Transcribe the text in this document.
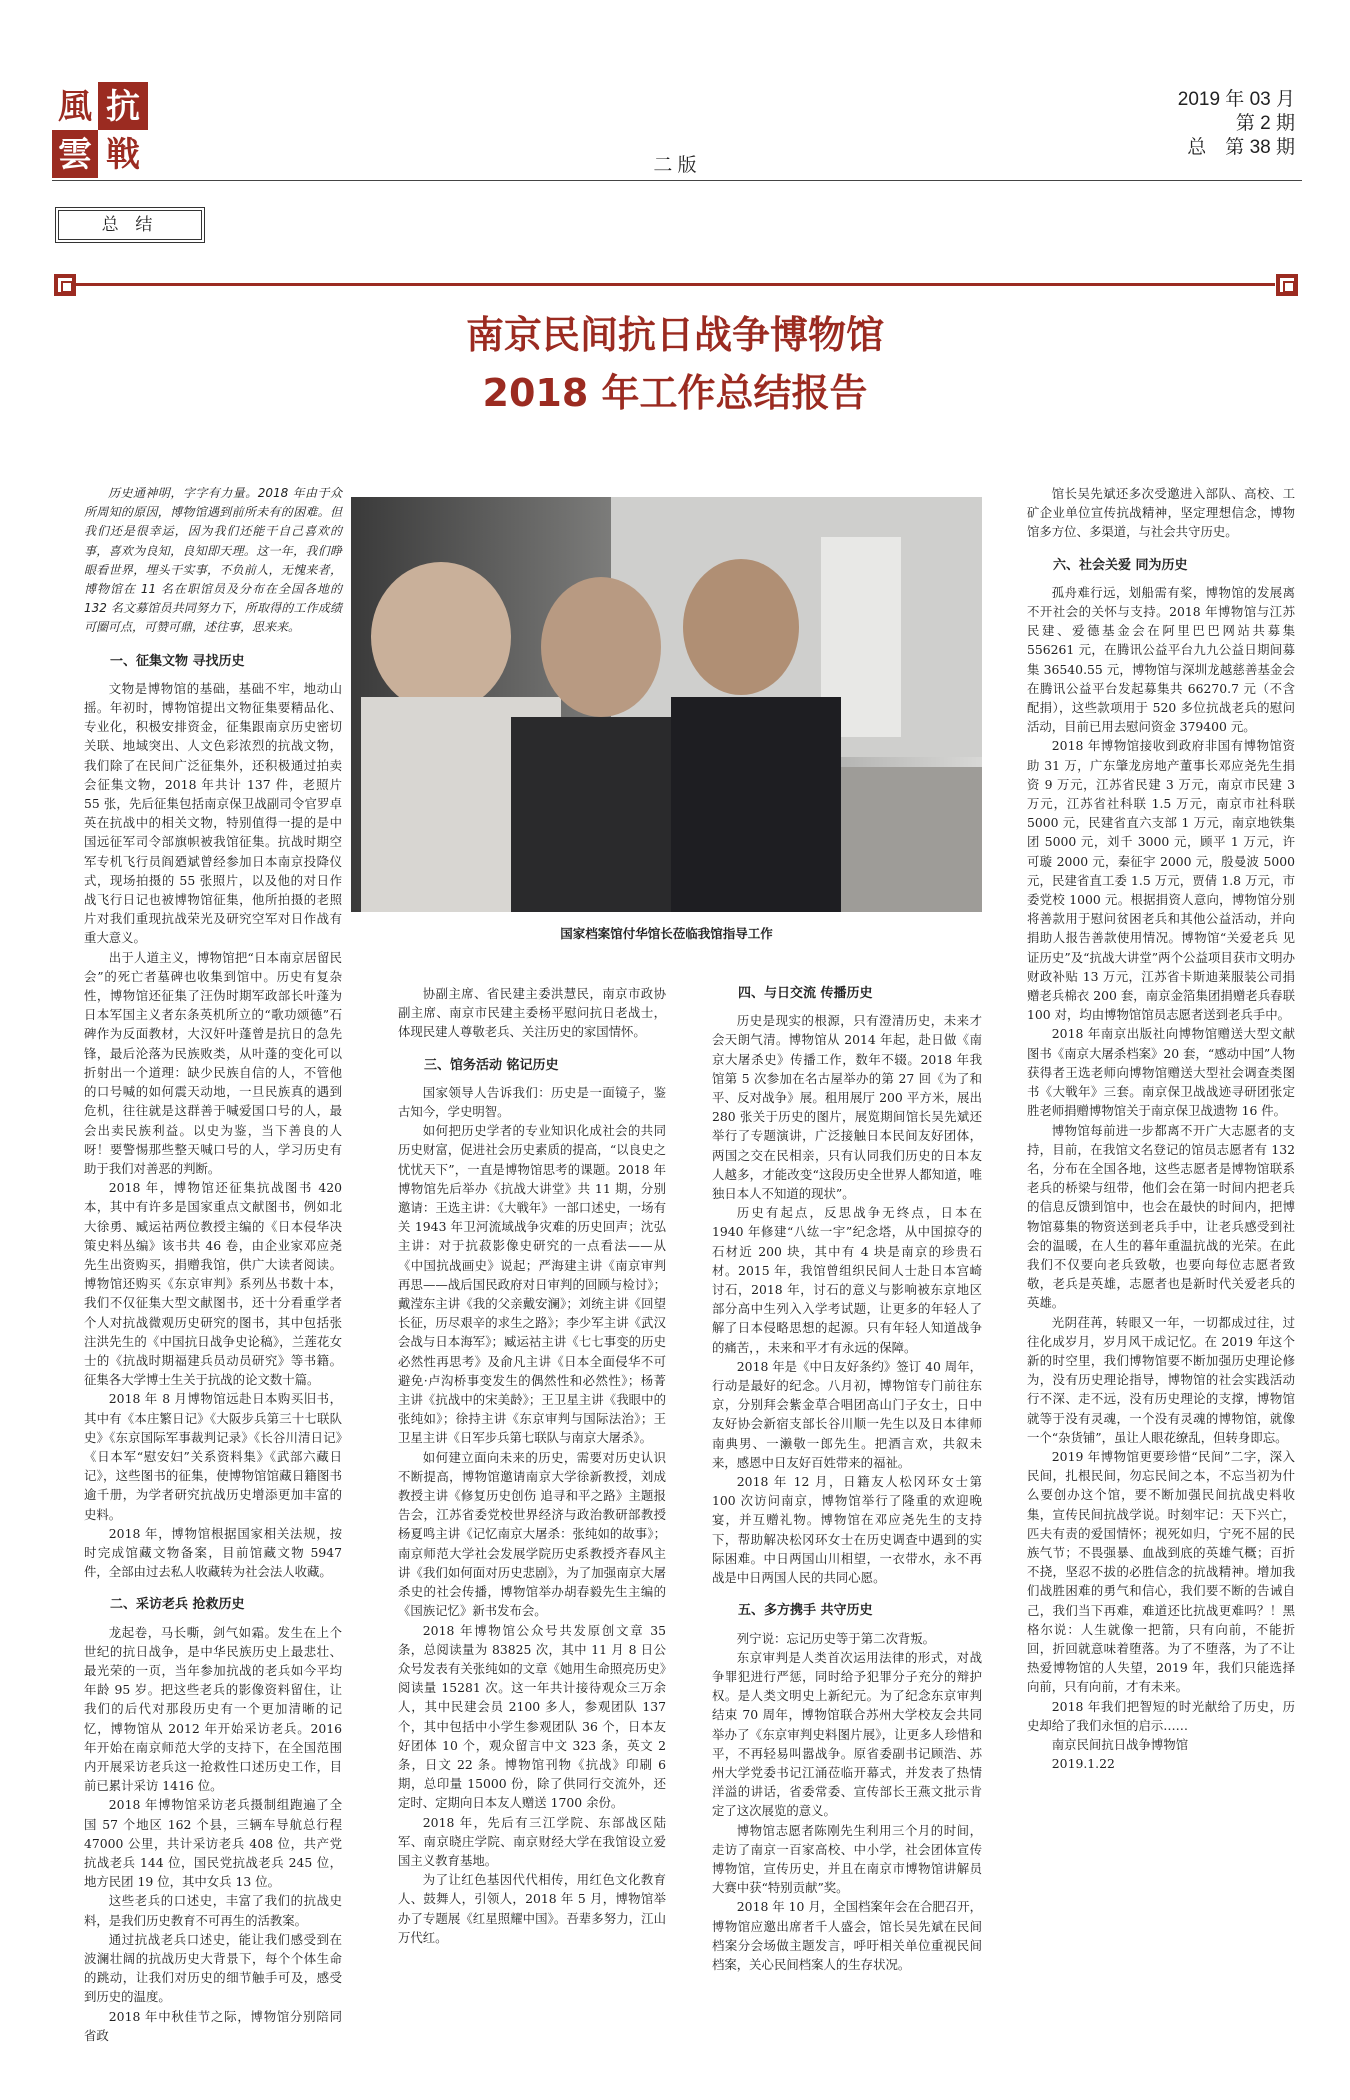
風 抗
雲 戦
2019 年 03 月
第 2 期
总　第 38 期
二 版
总 结
南京民间抗日战争博物馆
2018 年工作总结报告

历史通神明，字字有力量。2018 年由于众所周知的原因，博物馆遇到前所未有的困难。但我们还是很幸运，因为我们还能干自己喜欢的事，喜欢为良知，良知即天理。这一年，我们睁眼看世界，埋头干实事，不负前人，无愧来者，博物馆在 11 名在职馆员及分布在全国各地的 132 名文募馆员共同努力下，所取得的工作成绩可圈可点，可赞可鼎，述往事，思来来。

一、征集文物 寻找历史

文物是博物馆的基础，基础不牢，地动山摇。年初时，博物馆提出文物征集要精品化、专业化，积极安排资金，征集跟南京历史密切关联、地域突出、人文色彩浓烈的抗战文物，我们除了在民间广泛征集外，还积极通过拍卖会征集文物，2018 年共计 137 件，老照片 55 张，先后征集包括南京保卫战副司令官罗卓英在抗战中的相关文物，特别值得一提的是中国远征军司令部旗帜被我馆征集。抗战时期空军专机飞行员阎廼斌曾经参加日本南京投降仪式，现场拍摄的 55 张照片，以及他的对日作战飞行日记也被博物馆征集，他所拍摄的老照片对我们重现抗战荣光及研究空军对日作战有重大意义。

出于人道主义，博物馆把“日本南京居留民会”的死亡者墓碑也收集到馆中。历史有复杂性，博物馆还征集了汪伪时期军政部长叶蓬为日本军国主义者东条英机所立的“歌功颂德”石碑作为反面教材，大汉奸叶蓬曾是抗日的急先锋，最后沦落为民族败类，从叶蓬的变化可以折射出一个道理：缺少民族自信的人，不管他的口号喊的如何震天动地，一旦民族真的遇到危机，往往就是这群善于喊爱国口号的人，最会出卖民族利益。以史为鉴，当下善良的人呀！要警惕那些整天喊口号的人，学习历史有助于我们对善恶的判断。

2018 年，博物馆还征集抗战图书 420 本，其中有许多是国家重点文献图书，例如北大徐勇、臧运祜两位教授主编的《日本侵华决策史料丛编》该书共 46 卷，由企业家邓应尧先生出资购买，捐赠我馆，供广大读者阅读。博物馆还购买《东京审判》系列丛书数十本，我们不仅征集大型文献图书，还十分看重学者个人对抗战微观历史研究的图书，其中包括张注洪先生的《中国抗日战争史论稿》，兰莲花女士的《抗战时期福建兵员动员研究》等书籍。征集各大学博士生关于抗战的论文数十篇。

2018 年 8 月博物馆远赴日本购买旧书，其中有《本庄繁日记》《大阪步兵第三十七联队史》《东京国际军事裁判记录》《长谷川清日记》《日本军“慰安妇”关系资料集》《武部六藏日记》，这些图书的征集，使博物馆馆藏日籍图书逾千册，为学者研究抗战历史增添更加丰富的史料。

2018 年，博物馆根据国家相关法规，按时完成馆藏文物备案，目前馆藏文物 5947 件，全部由过去私人收藏转为社会法人收藏。

二、采访老兵 抢救历史

龙起卷，马长嘶，剑气如霜。发生在上个世纪的抗日战争，是中华民族历史上最悲壮、最光荣的一页，当年参加抗战的老兵如今平均年龄 95 岁。把这些老兵的影像资料留住，让我们的后代对那段历史有一个更加清晰的记忆，博物馆从 2012 年开始采访老兵。2016 年开始在南京师范大学的支持下，在全国范围内开展采访老兵这一抢救性口述历史工作，目前已累计采访 1416 位。

2018 年博物馆采访老兵摄制组跑遍了全国 57 个地区 162 个县，三辆车导航总行程 47000 公里，共计采访老兵 408 位，共产党抗战老兵 144 位，国民党抗战老兵 245 位，地方民团 19 位，其中女兵 13 位。

这些老兵的口述史，丰富了我们的抗战史料，是我们历史教育不可再生的活教案。

通过抗战老兵口述史，能让我们感受到在波澜壮阔的抗战历史大背景下，每个个体生命的跳动，让我们对历史的细节触手可及，感受到历史的温度。

2018 年中秋佳节之际，博物馆分别陪同省政

国家档案馆付华馆长莅临我馆指导工作

协副主席、省民建主委洪慧民，南京市政协副主席、南京市民建主委杨平慰问抗日老战士，体现民建人尊敬老兵、关注历史的家国情怀。

三、馆务活动 铭记历史

国家领导人告诉我们：历史是一面镜子，鉴古知今，学史明智。

如何把历史学者的专业知识化成社会的共同历史财富，促进社会历史素质的提高，“以良史之忧忧天下”，一直是博物馆思考的课题。2018 年博物馆先后举办《抗战大讲堂》共 11 期，分别邀请：王选主讲：《大戦年》一部口述史，一场有关 1943 年卫河流域战争灾难的历史回声；沈弘主讲：对于抗菽影像史研究的一点看法——从《中国抗战画史》说起；严海建主讲《南京审判再思——战后国民政府对日审判的回顾与检讨》；戴滢东主讲《我的父亲戴安澜》；刘统主讲《回望长征，历尽艰辛的求生之路》；李少军主讲《武汉会战与日本海军》；臧运祜主讲《七七事变的历史必然性再思考》及俞凡主讲《日本全面侵华不可避免·卢沟桥事变发生的偶然性和必然性》；杨菁主讲《抗战中的宋美龄》；王卫星主讲《我眼中的张纯如》；徐持主讲《东京审判与国际法治》；王卫星主讲《日军步兵第七联队与南京大屠杀》。

如何建立面向未来的历史，需要对历史认识不断提高，博物馆邀请南京大学徐新教授，刘成教授主讲《修复历史创伤 追寻和平之路》主题报告会，江苏省委党校世界经济与政治教研部教授杨夏鸣主讲《记忆南京大屠杀：张纯如的故事》；南京师范大学社会发展学院历史系教授齐春风主讲《我们如何面对历史悲剧》，为了加强南京大屠杀史的社会传播，博物馆举办胡春毅先生主编的《国族记忆》新书发布会。

2018 年博物馆公众号共发原创文章 35 条，总阅读量为 83825 次，其中 11 月 8 日公众号发表有关张纯如的文章《她用生命照亮历史》阅读量 15281 次。这一年共计接待观众三万余人，其中民建会员 2100 多人，参观团队 137 个，其中包括中小学生参观团队 36 个，日本友好团体 10 个，观众留言中文 323 条，英文 2 条，日文 22 条。博物馆刊物《抗战》印刷 6 期，总印量 15000 份，除了供同行交流外，还定时、定期向日本友人赠送 1700 余份。

2018 年，先后有三江学院、东部战区陆军、南京晓庄学院、南京财经大学在我馆设立爱国主义教育基地。

为了让红色基因代代相传，用红色文化教育人、鼓舞人，引领人，2018 年 5 月，博物馆举办了专题展《红星照耀中国》。吾辈多努力，江山万代红。

四、与日交流 传播历史

历史是现实的根源，只有澄清历史，未来才会天朗气清。博物馆从 2014 年起，赴日做《南京大屠杀史》传播工作，数年不辍。2018 年我馆第 5 次参加在名古屋举办的第 27 回《为了和平、反对战争》展。租用展厅 200 平方米，展出 280 张关于历史的图片，展览期间馆长吴先斌还举行了专题演讲，广泛接触日本民间友好团体，两国之交在民相亲，只有认同我们历史的日本友人越多，才能改变“这段历史全世界人都知道，唯独日本人不知道的现状”。

历史有起点，反思战争无终点，日本在 1940 年修建“八纮一宇”纪念塔，从中国掠夺的石材近 200 块，其中有 4 块是南京的珍贵石材。2015 年，我馆曾组织民间人士赴日本宫崎讨石，2018 年，讨石的意义与影响被东京地区部分高中生列入入学考试题，让更多的年轻人了解了日本侵略思想的起源。只有年轻人知道战争的痛苦，，未来和平才有永远的保障。

2018 年是《中日友好条约》签订 40 周年，行动是最好的纪念。八月初，博物馆专门前往东京，分别拜会紫金草合唱团高山门子女士，日中友好协会新宿支部长谷川顺一先生以及日本律师南典男、一濑敬一郎先生。把酒言欢，共叙未来，感恩中日友好百姓带来的福祉。

2018 年 12 月，日籍友人松冈环女士第 100 次访问南京，博物馆举行了隆重的欢迎晚宴，并互赠礼物。博物馆在邓应尧先生的支持下，帮助解决松冈环女士在历史调查中遇到的实际困难。中日两国山川相望，一衣带水，永不再战是中日两国人民的共同心愿。

五、多方携手 共守历史

列宁说：忘记历史等于第二次背叛。

东京审判是人类首次运用法律的形式，对战争罪犯进行严惩，同时给予犯罪分子充分的辩护权。是人类文明史上新纪元。为了纪念东京审判结束 70 周年，博物馆联合苏州大学校友会共同举办了《东京审判史料图片展》，让更多人珍惜和平，不再轻易叫嚣战争。原省委副书记顾浩、苏州大学党委书记江涌莅临开幕式，并发表了热情洋溢的讲话，省委常委、宣传部长王燕文批示肯定了这次展览的意义。

博物馆志愿者陈刚先生利用三个月的时间，走访了南京一百家高校、中小学，社会团体宣传博物馆，宣传历史，并且在南京市博物馆讲解员大赛中获“特别贡献”奖。

2018 年 10 月，全国档案年会在合肥召开，博物馆应邀出席者千人盛会，馆长吴先斌在民间档案分会场做主题发言，呼吁相关单位重视民间档案，关心民间档案人的生存状况。

馆长吴先斌还多次受邀进入部队、高校、工矿企业单位宣传抗战精神，坚定理想信念，博物馆多方位、多渠道，与社会共守历史。

六、社会关爱 同为历史

孤舟难行远，划船需有桨，博物馆的发展离不开社会的关怀与支持。2018 年博物馆与江苏民建、爱德基金会在阿里巴巴网站共募集 556261 元，在腾讯公益平台九九公益日期间募集 36540.55 元，博物馆与深圳龙越慈善基金会在腾讯公益平台发起募集共 66270.7 元（不含配捐），这些款项用于 520 多位抗战老兵的慰问活动，目前已用去慰问资金 379400 元。

2018 年博物馆接收到政府非国有博物馆资助 31 万，广东肇龙房地产董事长邓应尧先生捐资 9 万元，江苏省民建 3 万元，南京市民建 3 万元，江苏省社科联 1.5 万元，南京市社科联 5000 元，民建省直六支部 1 万元，南京地铁集团 5000 元，刘千 3000 元，顾平 1 万元，许可璇 2000 元，秦征宇 2000 元，殷曼波 5000 元，民建省直工委 1.5 万元，贾倩 1.8 万元，市委党校 1000 元。根据捐资人意向，博物馆分别将善款用于慰问贫困老兵和其他公益活动，并向捐助人报告善款使用情况。博物馆“关爱老兵 见证历史”及“抗战大讲堂”两个公益项目获市文明办财政补贴 13 万元，江苏省卡斯迪莱服装公司捐赠老兵棉衣 200 套，南京金箔集团捐赠老兵春联 100 对，均由博物馆馆员志愿者送到老兵手中。

2018 年南京出版社向博物馆赠送大型文献图书《南京大屠杀档案》20 套，“感动中国”人物获得者王选老师向博物馆赠送大型社会调查类图书《大戦年》三套。南京保卫战战迹寻研团张定胜老师捐赠博物馆关于南京保卫战遗物 16 件。

博物馆每前进一步都离不开广大志愿者的支持，目前，在我馆文名登记的馆员志愿者有 132 名，分布在全国各地，这些志愿者是博物馆联系老兵的桥梁与纽带，他们会在第一时间内把老兵的信息反馈到馆中，也会在最快的时间内，把博物馆募集的物资送到老兵手中，让老兵感受到社会的温暖，在人生的暮年重温抗战的光荣。在此我们不仅要向老兵致敬，也要向每位志愿者致敬，老兵是英雄，志愿者也是新时代关爱老兵的英雄。

光阴荏苒，转眼又一年，一切都成过往，过往化成岁月，岁月风干成记忆。在 2019 年这个新的时空里，我们博物馆要不断加强历史理论修为，没有历史理论指导，博物馆的社会实践活动行不深、走不远，没有历史理论的支撑，博物馆就等于没有灵魂，一个没有灵魂的博物馆，就像一个“杂货铺”，虽让人眼花缭乱，但转身即忘。

2019 年博物馆更要珍惜“民间”二字，深入民间，扎根民间，勿忘民间之本，不忘当初为什么要创办这个馆，要不断加强民间抗战史料收集，宣传民间抗战学说。时刻牢记：天下兴亡，匹夫有责的爱国情怀；视死如归，宁死不屈的民族气节；不畏强暴、血战到底的英雄气概；百折不挠，坚忍不拔的必胜信念的抗战精神。增加我们战胜困难的勇气和信心，我们要不断的告诫自己，我们当下再难，难道还比抗战更难吗？！黑格尔说：人生就像一把箭，只有向前，不能折回，折回就意味着堕落。为了不堕落，为了不让热爱博物馆的人失望，2019 年，我们只能选择向前，只有向前，才有未来。

2018 年我们把智短的时光献给了历史，历史却给了我们永恒的启示……

南京民间抗日战争博物馆

2019.1.22
